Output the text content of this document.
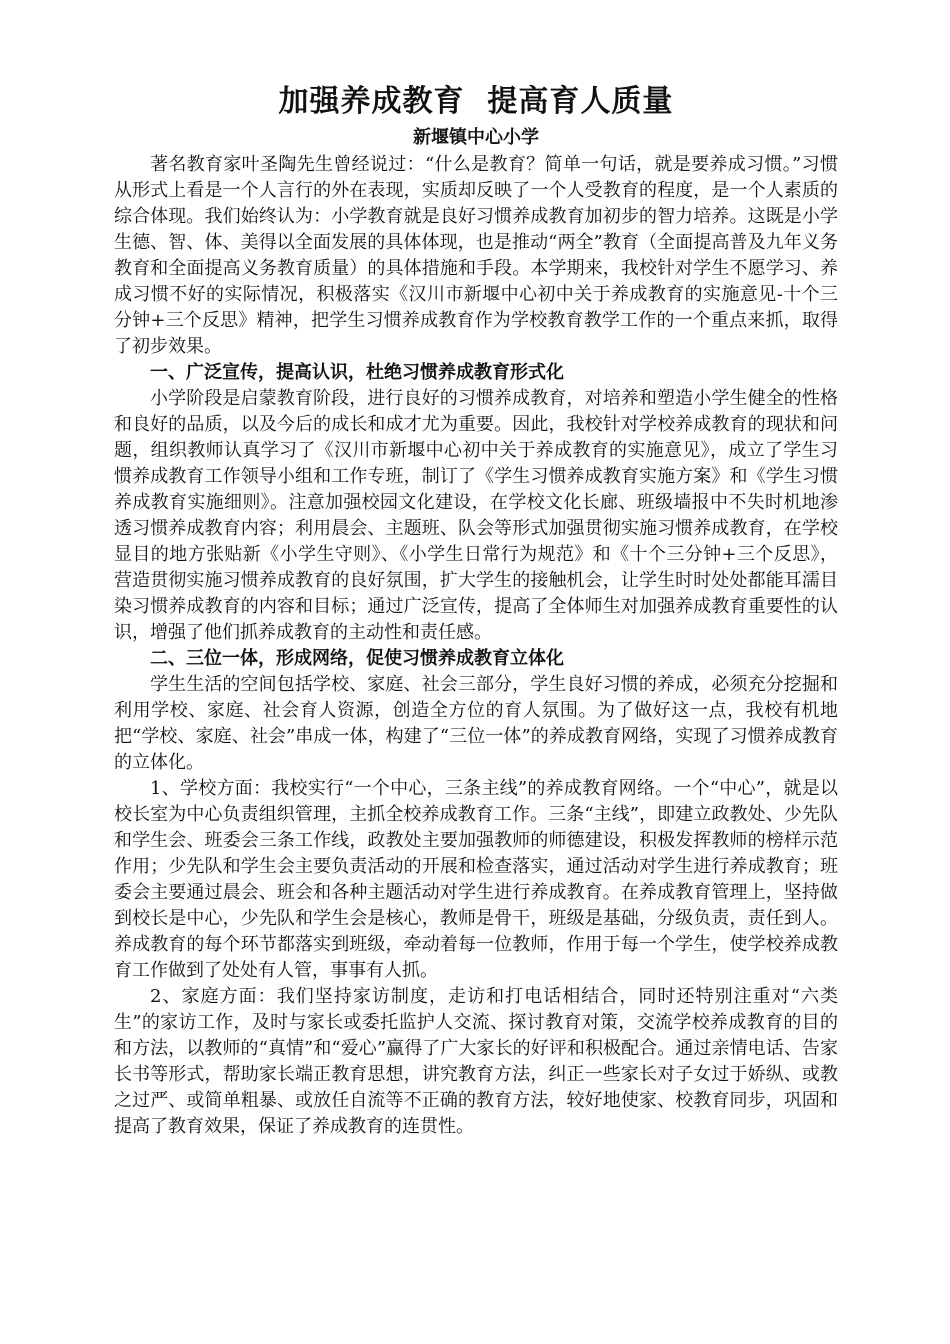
加强养成教育  提高育人质量
新堰镇中心小学

著名教育家叶圣陶先生曾经说过：“什么是教育？简单一句话，就是要养成习惯。”习惯从形式上看是一个人言行的外在表现，实质却反映了一个人受教育的程度，是一个人素质的综合体现。我们始终认为：小学教育就是良好习惯养成教育加初步的智力培养。这既是小学生德、智、体、美得以全面发展的具体体现，也是推动“两全”教育（全面提高普及九年义务教育和全面提高义务教育质量）的具体措施和手段。本学期来，我校针对学生不愿学习、养成习惯不好的实际情况，积极落实《汉川市新堰中心初中关于养成教育的实施意见-十个三分钟+三个反思》精神，把学生习惯养成教育作为学校教育教学工作的一个重点来抓，取得了初步效果。

一、广泛宣传，提高认识，杜绝习惯养成教育形式化

小学阶段是启蒙教育阶段，进行良好的习惯养成教育，对培养和塑造小学生健全的性格和良好的品质，以及今后的成长和成才尤为重要。因此，我校针对学校养成教育的现状和问题，组织教师认真学习了《汉川市新堰中心初中关于养成教育的实施意见》，成立了学生习惯养成教育工作领导小组和工作专班，制订了《学生习惯养成教育实施方案》和《学生习惯养成教育实施细则》。注意加强校园文化建设，在学校文化长廊、班级墙报中不失时机地渗透习惯养成教育内容；利用晨会、主题班、队会等形式加强贯彻实施习惯养成教育，在学校显目的地方张贴新《小学生守则》、《小学生日常行为规范》和《十个三分钟+三个反思》，营造贯彻实施习惯养成教育的良好氛围，扩大学生的接触机会，让学生时时处处都能耳濡目染习惯养成教育的内容和目标；通过广泛宣传，提高了全体师生对加强养成教育重要性的认识，增强了他们抓养成教育的主动性和责任感。

二、三位一体，形成网络，促使习惯养成教育立体化

学生生活的空间包括学校、家庭、社会三部分，学生良好习惯的养成，必须充分挖掘和利用学校、家庭、社会育人资源，创造全方位的育人氛围。为了做好这一点，我校有机地把“学校、家庭、社会”串成一体，构建了“三位一体”的养成教育网络，实现了习惯养成教育的立体化。

1、学校方面：我校实行“一个中心，三条主线”的养成教育网络。一个“中心”，就是以校长室为中心负责组织管理，主抓全校养成教育工作。三条“主线”，即建立政教处、少先队和学生会、班委会三条工作线，政教处主要加强教师的师德建设，积极发挥教师的榜样示范作用；少先队和学生会主要负责活动的开展和检查落实，通过活动对学生进行养成教育；班委会主要通过晨会、班会和各种主题活动对学生进行养成教育。在养成教育管理上，坚持做到校长是中心，少先队和学生会是核心，教师是骨干，班级是基础，分级负责，责任到人。养成教育的每个环节都落实到班级，牵动着每一位教师，作用于每一个学生，使学校养成教育工作做到了处处有人管，事事有人抓。

2、家庭方面：我们坚持家访制度，走访和打电话相结合，同时还特别注重对“六类生”的家访工作，及时与家长或委托监护人交流、探讨教育对策，交流学校养成教育的目的和方法，以教师的“真情”和“爱心”赢得了广大家长的好评和积极配合。通过亲情电话、告家长书等形式，帮助家长端正教育思想，讲究教育方法，纠正一些家长对子女过于娇纵、或教之过严、或简单粗暴、或放任自流等不正确的教育方法，较好地使家、校教育同步，巩固和提高了教育效果，保证了养成教育的连贯性。
